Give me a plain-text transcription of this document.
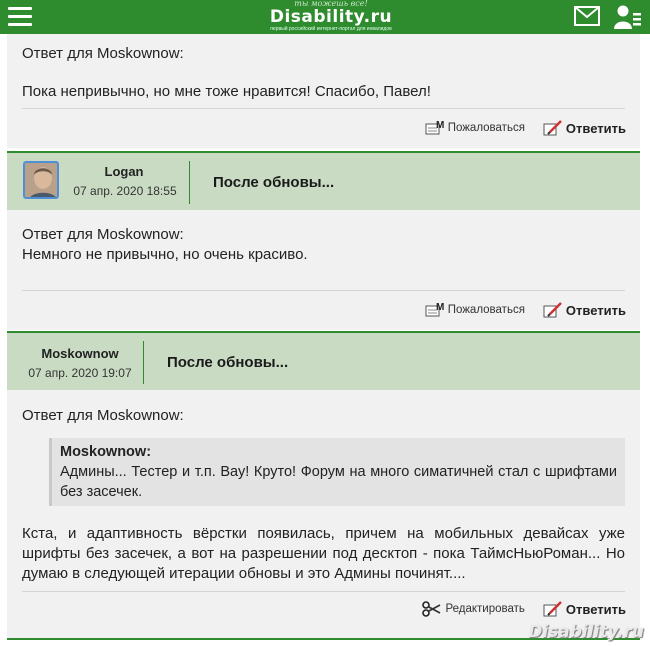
ты можешь все!
Disability.ru
первый российский интернет-портал для инвалидов
Ответ для Moskownow:
Пока непривычно, но мне тоже нравится! Спасибо, Павел!
M Пожаловаться	Ответить
Logan
07 апр. 2020 18:55	После обновы...
Ответ для Moskownow:
Немного не привычно, но очень красиво.
M Пожаловаться	Ответить
Moskownow
07 апр. 2020 19:07
После обновы...
Ответ для Moskownow:
Moskownow:
Админы... Тестер и т.п. Вау! Круто! Форум на много симатичней стал с шрифтами без засечек.
Кста, и адаптивность вёрстки появилась, причем на мобильных девайсах уже шрифты без засечек, а вот на разрешении под десктоп - пока ТаймсНьюРоман... Но думаю в следующей итерации обновы и это Админы починят....
Редактировать	Ответить
Disability.ru
